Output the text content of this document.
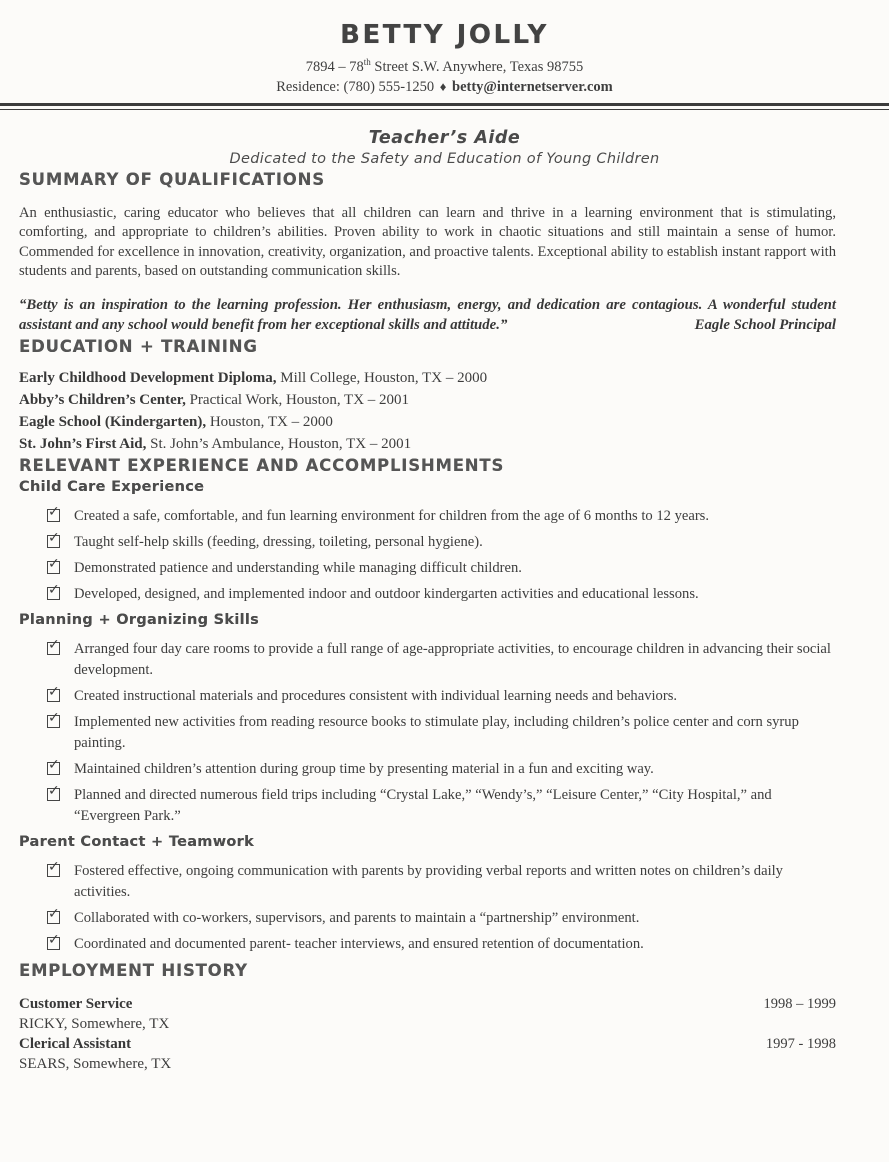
BETTY JOLLY
7894 – 78th Street S.W. Anywhere, Texas 98755
Residence: (780) 555-1250 ♦ betty@internetserver.com
Teacher’s Aide
Dedicated to the Safety and Education of Young Children
SUMMARY OF QUALIFICATIONS

An enthusiastic, caring educator who believes that all children can learn and thrive in a learning environment that is stimulating, comforting, and appropriate to children’s abilities. Proven ability to work in chaotic situations and still maintain a sense of humor. Commended for excellence in innovation, creativity, organization, and proactive talents. Exceptional ability to establish instant rapport with students and parents, based on outstanding communication skills.

“Betty is an inspiration to the learning profession. Her enthusiasm, energy, and dedication are contagious. A wonderful student assistant and any school would benefit from her exceptional skills and attitude.”	Eagle School Principal

EDUCATION + TRAINING
Early Childhood Development Diploma, Mill College, Houston, TX – 2000
Abby’s Children’s Center, Practical Work, Houston, TX – 2001
Eagle School (Kindergarten), Houston, TX – 2000
St. John’s First Aid, St. John’s Ambulance, Houston, TX – 2001
RELEVANT EXPERIENCE AND ACCOMPLISHMENTS
Child Care Experience
✓
Created a safe, comfortable, and fun learning environment for children from the age of 6 months to 12 years.
✓
Taught self-help skills (feeding, dressing, toileting, personal hygiene).
✓
Demonstrated patience and understanding while managing difficult children.
✓
Developed, designed, and implemented indoor and outdoor kindergarten activities and educational lessons.
Planning + Organizing Skills
✓
Arranged four day care rooms to provide a full range of age-appropriate activities, to encourage children in advancing their social development.
✓
Created instructional materials and procedures consistent with individual learning needs and behaviors.
✓
Implemented new activities from reading resource books to stimulate play, including children’s police center and corn syrup painting.
✓
Maintained children’s attention during group time by presenting material in a fun and exciting way.
✓
Planned and directed numerous field trips including “Crystal Lake,” “Wendy’s,” “Leisure Center,” “City Hospital,” and “Evergreen Park.”
Parent Contact + Teamwork
✓
Fostered effective, ongoing communication with parents by providing verbal reports and written notes on children’s daily activities.
✓
Collaborated with co-workers, supervisors, and parents to maintain a “partnership” environment.
✓
Coordinated and documented parent- teacher interviews, and ensured retention of documentation.
EMPLOYMENT HISTORY
Customer Service	1998 – 1999
RICKY, Somewhere, TX
Clerical Assistant	1997 - 1998
SEARS, Somewhere, TX
